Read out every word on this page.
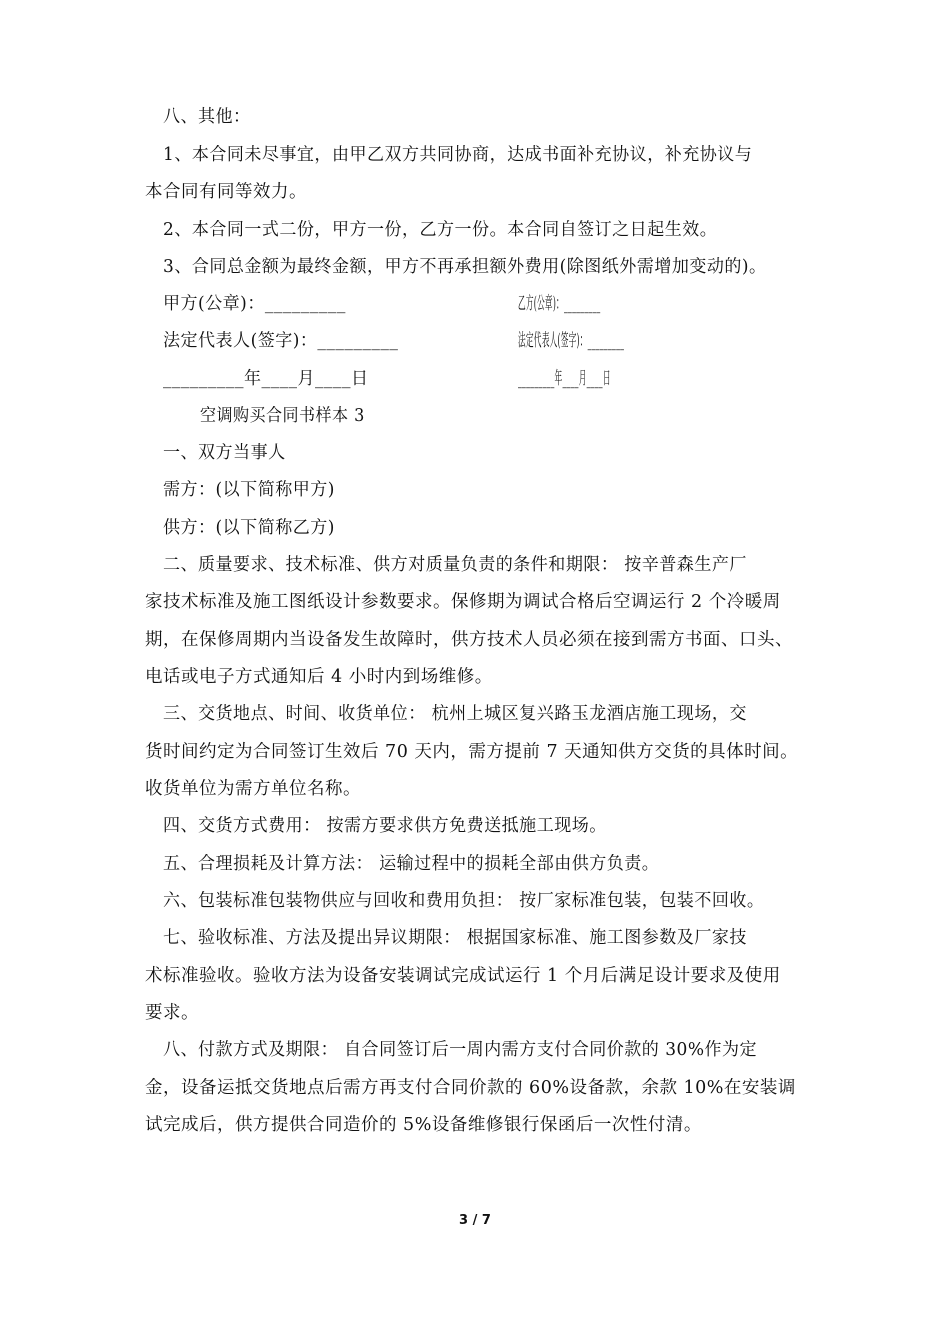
八、其他：
1、本合同未尽事宜，由甲乙双方共同协商，达成书面补充协议，补充协议与
本合同有同等效力。
2、本合同一式二份，甲方一份，乙方一份。本合同自签订之日起生效。
3、合同总金额为最终金额，甲方不再承担额外费用(除图纸外需增加变动的)。
甲方(公章)：_________	乙方(公章)：_________
法定代表人(签字)：_________	法定代表人(签字)：_________
_________年____月____日	_________年____月____日
空调购买合同书样本 3
一、双方当事人
需方：(以下简称甲方)
供方：(以下简称乙方)
二、质量要求、技术标准、供方对质量负责的条件和期限： 按辛普森生产厂
家技术标准及施工图纸设计参数要求。保修期为调试合格后空调运行 2 个冷暖周
期，在保修周期内当设备发生故障时，供方技术人员必须在接到需方书面、口头、
电话或电子方式通知后 4 小时内到场维修。
三、交货地点、时间、收货单位： 杭州上城区复兴路玉龙酒店施工现场，交
货时间约定为合同签订生效后 70 天内，需方提前 7 天通知供方交货的具体时间。
收货单位为需方单位名称。
四、交货方式费用： 按需方要求供方免费送抵施工现场。
五、合理损耗及计算方法： 运输过程中的损耗全部由供方负责。
六、包装标准包装物供应与回收和费用负担： 按厂家标准包装，包装不回收。
七、验收标准、方法及提出异议期限： 根据国家标准、施工图参数及厂家技
术标准验收。验收方法为设备安装调试完成试运行 1 个月后满足设计要求及使用
要求。
八、付款方式及期限： 自合同签订后一周内需方支付合同价款的 30%作为定
金，设备运抵交货地点后需方再支付合同价款的 60%设备款，余款 10%在安装调
试完成后，供方提供合同造价的 5%设备维修银行保函后一次性付清。
3 / 7
